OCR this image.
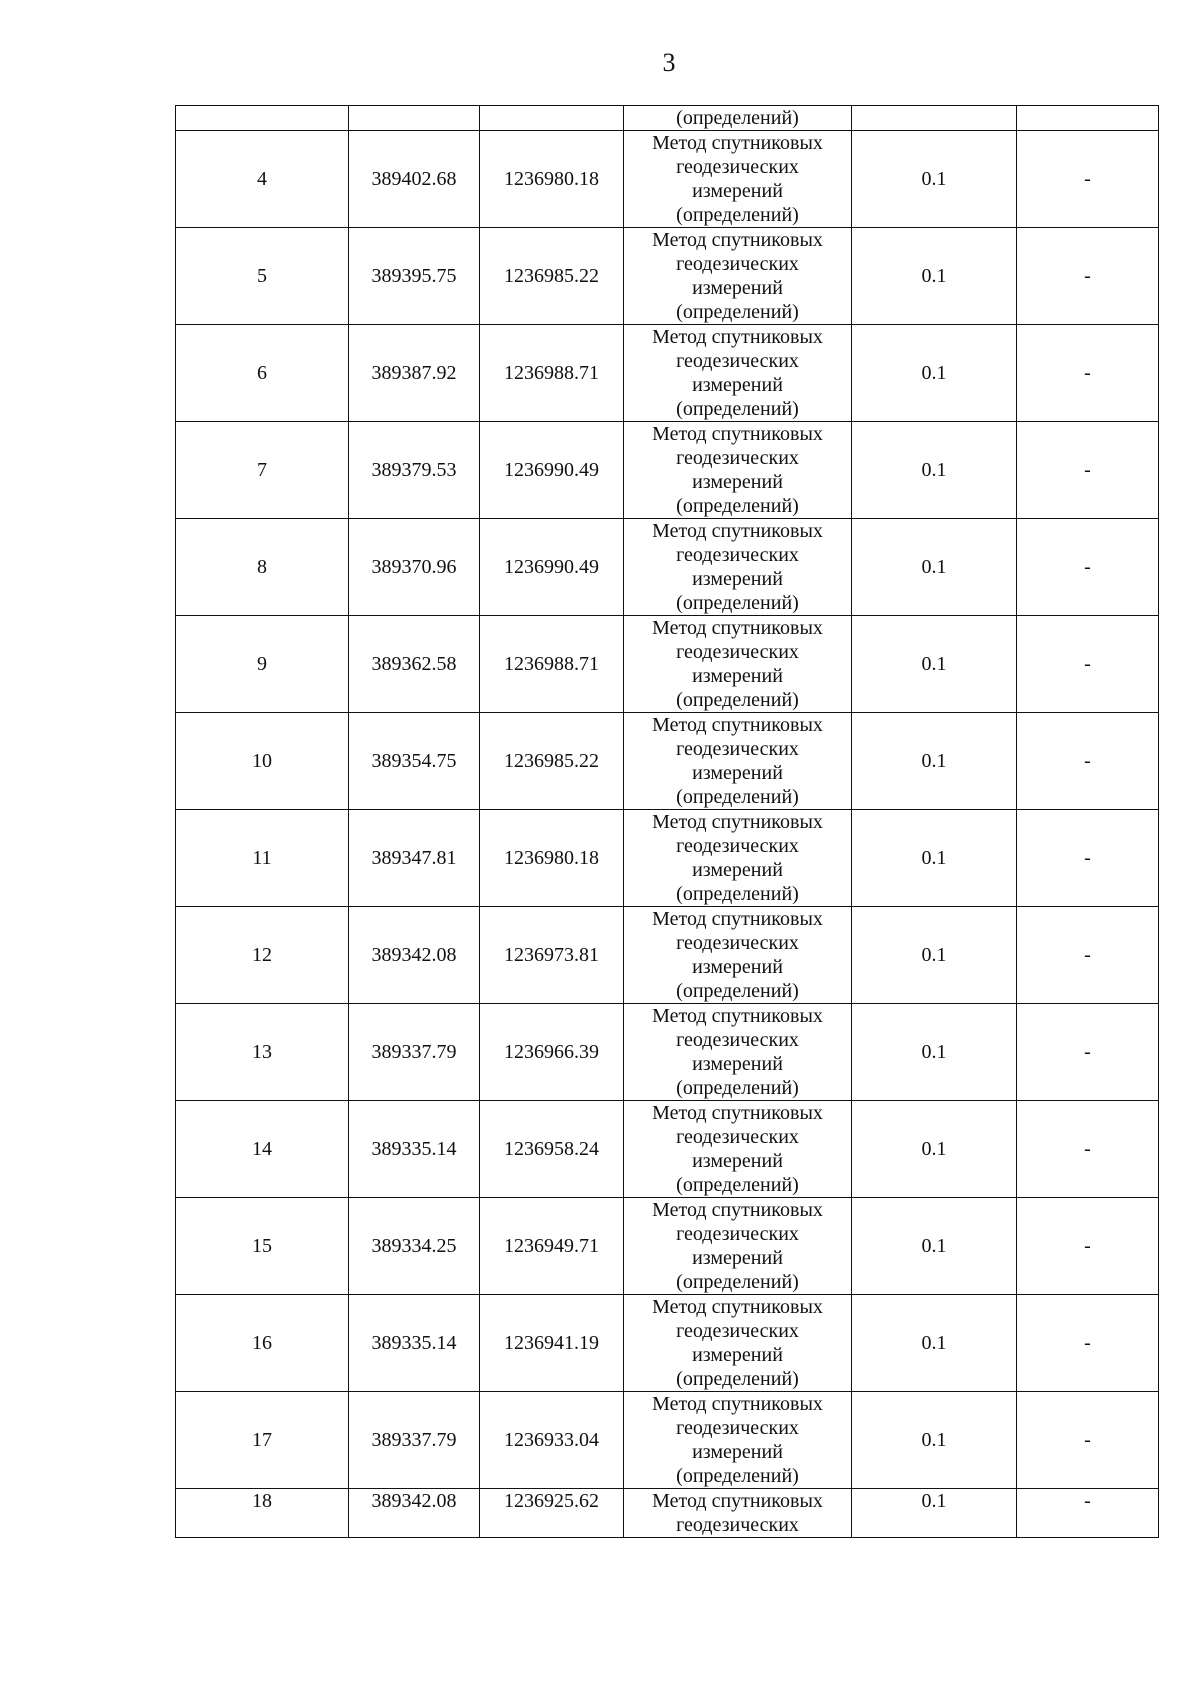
3
			(определений)		
4	389402.68	1236980.18	Метод спутниковых
геодезических
измерений
(определений)	0.1	-
5	389395.75	1236985.22	Метод спутниковых
геодезических
измерений
(определений)	0.1	-
6	389387.92	1236988.71	Метод спутниковых
геодезических
измерений
(определений)	0.1	-
7	389379.53	1236990.49	Метод спутниковых
геодезических
измерений
(определений)	0.1	-
8	389370.96	1236990.49	Метод спутниковых
геодезических
измерений
(определений)	0.1	-
9	389362.58	1236988.71	Метод спутниковых
геодезических
измерений
(определений)	0.1	-
10	389354.75	1236985.22	Метод спутниковых
геодезических
измерений
(определений)	0.1	-
11	389347.81	1236980.18	Метод спутниковых
геодезических
измерений
(определений)	0.1	-
12	389342.08	1236973.81	Метод спутниковых
геодезических
измерений
(определений)	0.1	-
13	389337.79	1236966.39	Метод спутниковых
геодезических
измерений
(определений)	0.1	-
14	389335.14	1236958.24	Метод спутниковых
геодезических
измерений
(определений)	0.1	-
15	389334.25	1236949.71	Метод спутниковых
геодезических
измерений
(определений)	0.1	-
16	389335.14	1236941.19	Метод спутниковых
геодезических
измерений
(определений)	0.1	-
17	389337.79	1236933.04	Метод спутниковых
геодезических
измерений
(определений)	0.1	-
18	389342.08	1236925.62	Метод спутниковых
геодезических	0.1	-
